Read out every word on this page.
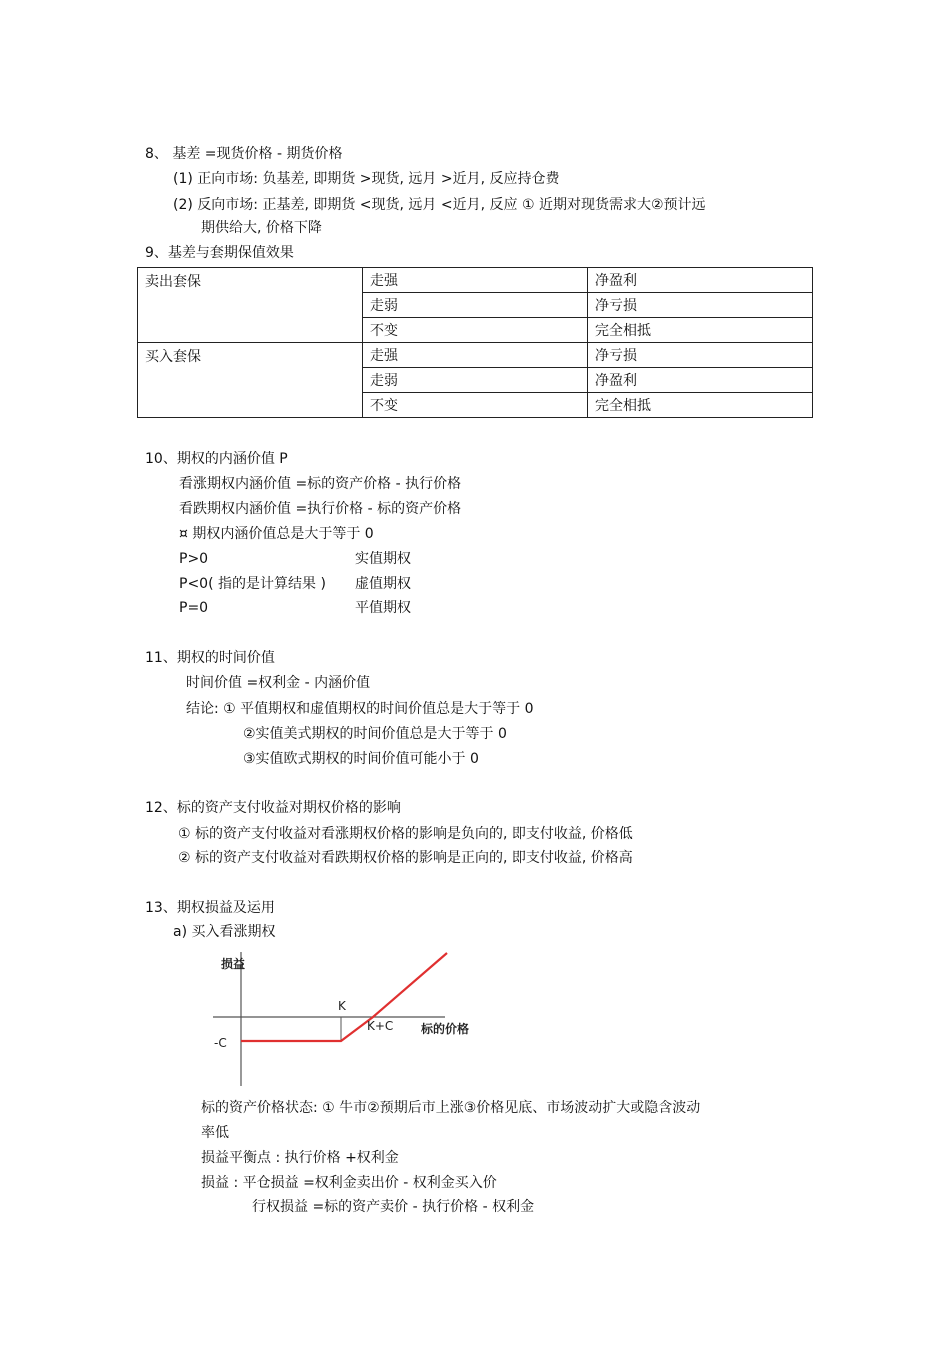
8、 基差 =现货价格 - 期货价格
(1) 正向市场: 负基差, 即期货 >现货, 远月 >近月, 反应持仓费
(2) 反向市场: 正基差, 即期货 <现货, 远月 <近月, 反应 ① 近期对现货需求大②预计远
期供给大, 价格下降
9、基差与套期保值效果
卖出套保	走强	净盈利
	走弱	净亏损
	不变	完全相抵
买入套保	走强	净亏损
	走弱	净盈利
	不变	完全相抵
10、期权的内涵价值 P
看涨期权内涵价值 =标的资产价格 - 执行价格
看跌期权内涵价值 =执行价格 - 标的资产价格
¤ 期权内涵价值总是大于等于 0
P>0	实值期权
P<0( 指的是计算结果 ) 虚值期权
P=0	平值期权
11、期权的时间价值
时间价值 =权利金 - 内涵价值
结论: ① 平值期权和虚值期权的时间价值总是大于等于 0
②实值美式期权的时间价值总是大于等于 0
③实值欧式期权的时间价值可能小于 0
12、标的资产支付收益对期权价格的影响
① 标的资产支付收益对看涨期权价格的影响是负向的, 即支付收益, 价格低
② 标的资产支付收益对看跌期权价格的影响是正向的, 即支付收益, 价格高
13、期权损益及运用
a) 买入看涨期权
损益
标的价格
K
K+C
-C
标的资产价格状态: ① 牛市②预期后市上涨③价格见底、市场波动扩大或隐含波动
率低
损益平衡点 : 执行价格 +权利金
损益 : 平仓损益 =权利金卖出价 - 权利金买入价
行权损益 =标的资产卖价 - 执行价格 - 权利金
